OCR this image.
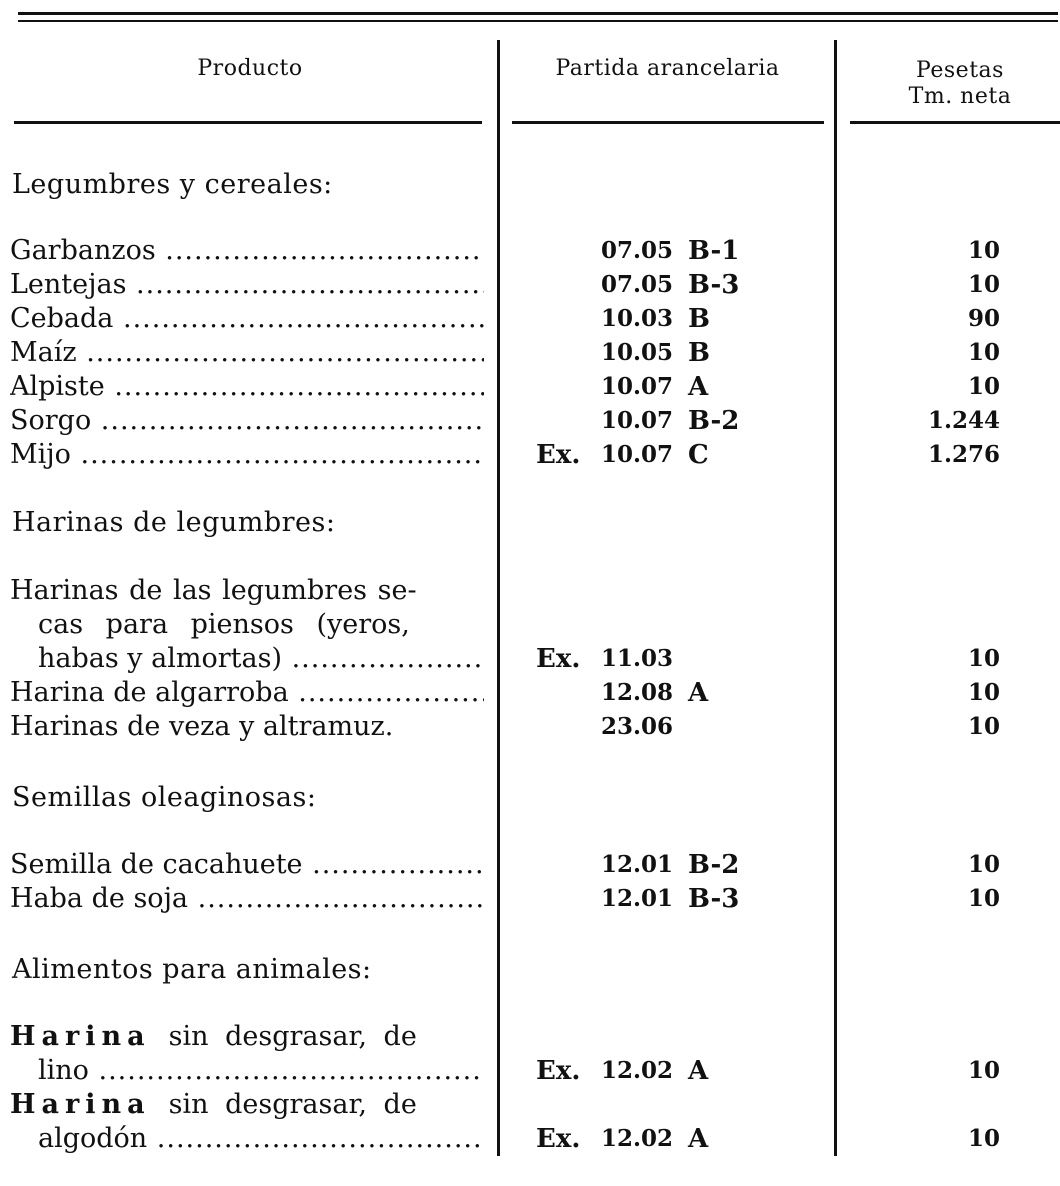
Producto	Partida arancelaria	Pesetas
Tm. neta
Legumbres y cereales:
Garbanzos .....	07.05 B-1	10
Lentejas .....	07.05 B-3	10
Cebada .....	10.03 B	90
Maíz .....	10.05 B	10
Alpiste .....	10.07 A	10
Sorgo .....	10.07 B-2	1.244
Mijo .....	Ex. 10.07 C	1.276
Harinas de legumbres:
Harinas de las legumbres se-
cas para piensos (yeros,
habas y almortas) .....	Ex. 11.03	10
Harina de algarroba .....	12.08 A	10
Harinas de veza y altramuz.	23.06	10
Semillas oleaginosas:
Semilla de cacahuete .....	12.01 B-2	10
Haba de soja .....	12.01 B-3	10
Alimentos para animales:
Harina sin desgrasar, de
lino .....	Ex. 12.02 A	10
Harina sin desgrasar, de
algodón .....	Ex. 12.02 A	10
